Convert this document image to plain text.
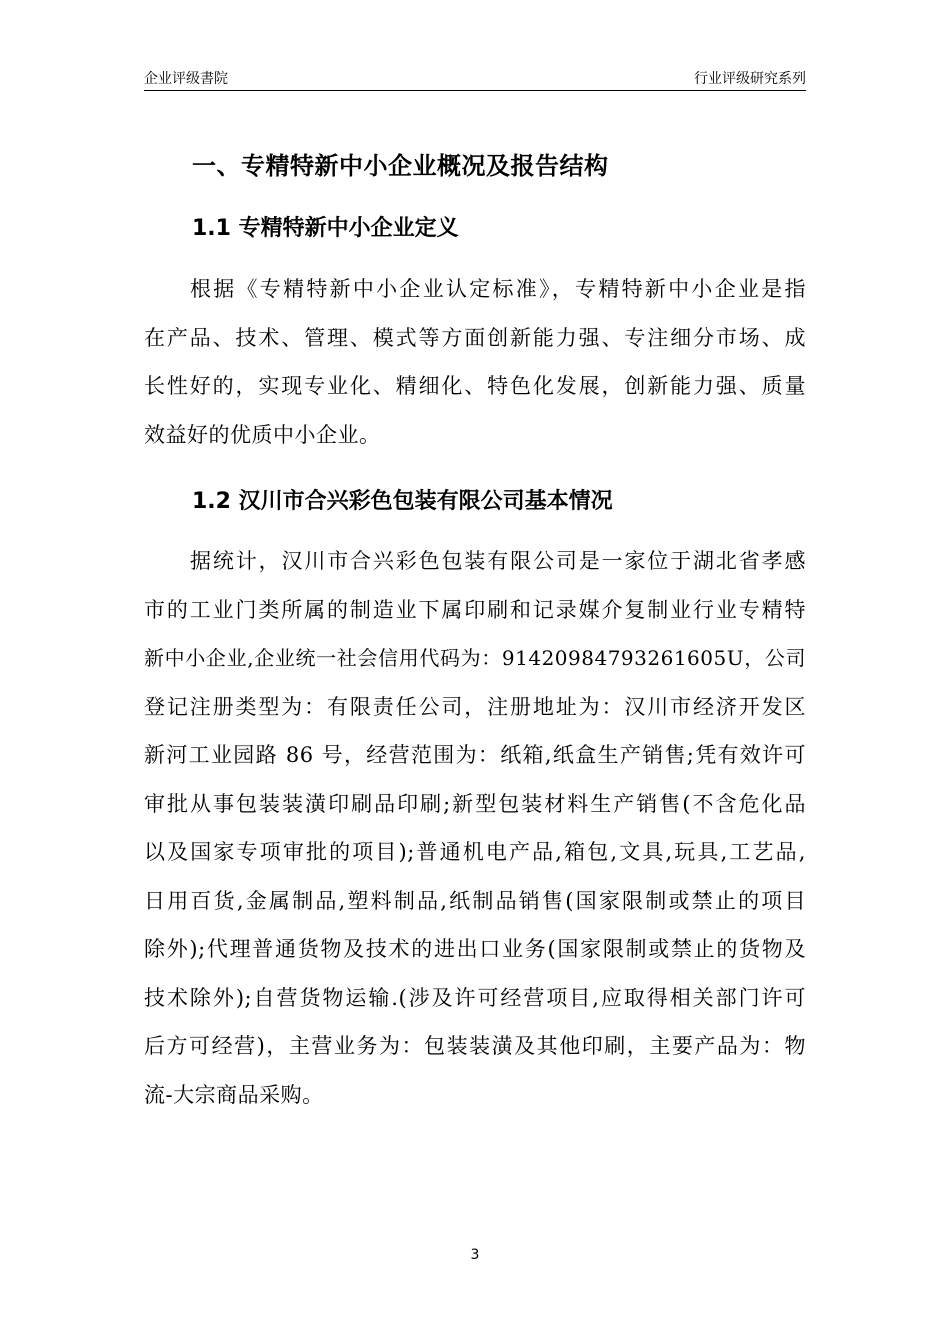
企业评级書院	行业评级研究系列
一、专精特新中小企业概况及报告结构
1.1 专精特新中小企业定义
根据《专精特新中小企业认定标准》，专精特新中小企业是指
在产品、技术、管理、模式等方面创新能力强、专注细分市场、成
长性好的，实现专业化、精细化、特色化发展，创新能力强、质量
效益好的优质中小企业。
1.2 汉川市合兴彩色包装有限公司基本情况
据统计，汉川市合兴彩色包装有限公司是一家位于湖北省孝感
市的工业门类所属的制造业下属印刷和记录媒介复制业行业专精特
新中小企业,企业统一社会信用代码为：91420984793261605U，公司
登记注册类型为：有限责任公司，注册地址为：汉川市经济开发区
新河工业园路 86 号，经营范围为：纸箱,纸盒生产销售;凭有效许可
审批从事包装装潢印刷品印刷;新型包装材料生产销售(不含危化品
以及国家专项审批的项目);普通机电产品,箱包,文具,玩具,工艺品,
日用百货,金属制品,塑料制品,纸制品销售(国家限制或禁止的项目
除外);代理普通货物及技术的进出口业务(国家限制或禁止的货物及
技术除外);自营货物运输.(涉及许可经营项目,应取得相关部门许可
后方可经营)，主营业务为：包装装潢及其他印刷，主要产品为：物
流-大宗商品采购。
3
